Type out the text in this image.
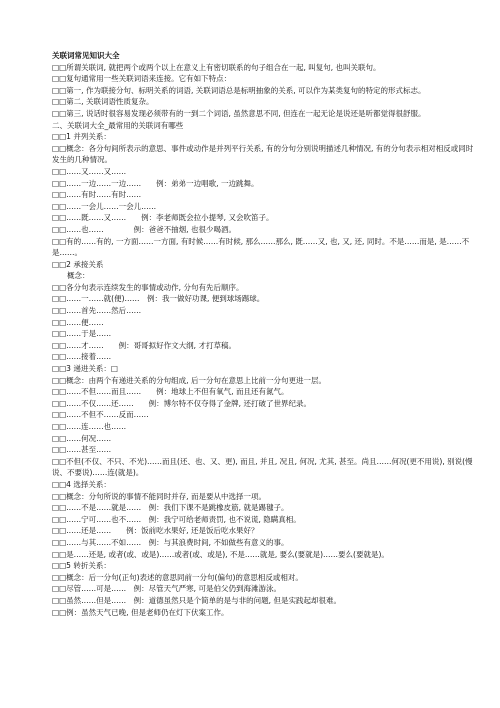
关联词常见知识大全
□□所谓关联词, 就把两个或两个以上在意义上有密切联系的句子组合在一起, 叫复句, 也叫关联句。
□□复句通常用一些关联词语来连接。它有如下特点：
□□第一, 作为联接分句、标明关系的词语, 关联词语总是标明抽象的关系, 可以作为某类复句的特定的形式标志。
□□第二, 关联词语性质复杂。
□□第三, 说话时很容易发现必须带有的一到二个词语, 虽然意思不同, 但连在一起无论是说还是听都觉得很舒服。
二、关联词大全_最常用的关联词有哪些
□□1 并列关系：
□□概念：各分句间所表示的意思、事件或动作是并列平行关系, 有的分句分别说明描述几种情况, 有的分句表示相对相反或同时发生的几种情况。
□□……又……又……
□□……一边……一边……　　例：弟弟一边唱歌, 一边跳舞。
□□……有时……有时……
□□……一会儿……一会儿……
□□……既……又……　　例：李老师既会拉小提琴, 又会吹笛子。
□□……也……　　　　例：爸爸不抽烟, 也很少喝酒。
□□有的……有的, 一方面……一方面, 有时候……有时候, 那么……那么, 既……又, 也, 又, 还, 同时。不是……而是, 是……不是……。
□□2 承接关系
　　概念：
□□各分句表示连续发生的事情或动作, 分句有先后顺序。
□□……一……就(便)……　例：我一做好功课, 便到球场踢球。
□□……首先……然后……
□□……便……
□□……于是……
□□……才……　　例：哥哥拟好作文大纲, 才打草稿。
□□……接着……
□□3 递进关系：□
□□概念：由两个有递进关系的分句组成, 后一分句在意思上比前一分句更进一层。
□□……不但……而且……　　例：地球上不但有氧气, 而且还有氮气。
□□……不仅……还……　　例：博尔特不仅夺得了金牌, 还打破了世界纪录。
□□……不但不……反而……
□□……连……也……
□□……何况……
□□……甚至……
□□不但(不仅、不只、不光)……而且(还、也、又、更), 而且, 并且, 况且, 何况, 尤其, 甚至。尚且……何况(更不用说), 别说(慢说、不要说)……连(就是)。
□□4 选择关系：
□□概念：分句所说的事情不能同时并存, 而是要从中选择一项。
□□……不是……就是……　例：我们下课不是跳橡皮筋, 就是踢毽子。
□□……宁可……也不……　例：我宁可给老师责罚, 也不说谎, 隐瞒真相。
□□……还是……　　例：饭前吃水果好, 还是饭后吃水果好？
□□……与其……不如……　例：与其浪费时间, 不如做些有意义的事。
□□是……还是, 或者(或、或是)……或者(或、或是), 不是……就是, 要么(要就是)……要么(要就是)。
□□5 转折关系：
□□概念：后一分句(正句)表述的意思同前一分句(偏句)的意思相反或相对。
□□尽管……可是……　例：尽管天气严寒, 可是伯父仍到海滩游泳。
□□虽然……但是……　例：道德虽然只是个简单的是与非的问题, 但是实践起却很难。
□□例：虽然天气已晚, 但是老师仍在灯下伏案工作。
